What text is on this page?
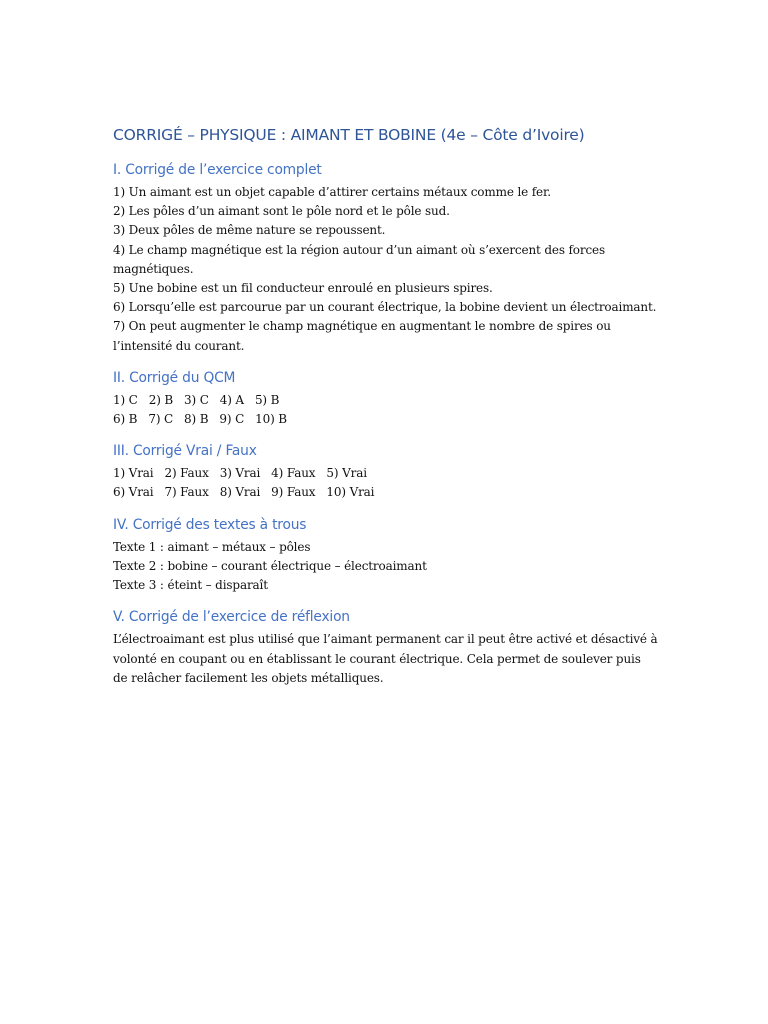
CORRIGÉ – PHYSIQUE : AIMANT ET BOBINE (4e – Côte d’Ivoire)
I. Corrigé de l’exercice complet
1) Un aimant est un objet capable d’attirer certains métaux comme le fer.
2) Les pôles d’un aimant sont le pôle nord et le pôle sud.
3) Deux pôles de même nature se repoussent.
4) Le champ magnétique est la région autour d’un aimant où s’exercent des forces
magnétiques.
5) Une bobine est un fil conducteur enroulé en plusieurs spires.
6) Lorsqu’elle est parcourue par un courant électrique, la bobine devient un électroaimant.
7) On peut augmenter le champ magnétique en augmentant le nombre de spires ou
l’intensité du courant.
II. Corrigé du QCM
1) C   2) B   3) C   4) A   5) B
6) B   7) C   8) B   9) C   10) B
III. Corrigé Vrai / Faux
1) Vrai   2) Faux   3) Vrai   4) Faux   5) Vrai
6) Vrai   7) Faux   8) Vrai   9) Faux   10) Vrai
IV. Corrigé des textes à trous
Texte 1 : aimant – métaux – pôles
Texte 2 : bobine – courant électrique – électroaimant
Texte 3 : éteint – disparaît
V. Corrigé de l’exercice de réflexion
L’électroaimant est plus utilisé que l’aimant permanent car il peut être activé et désactivé à volonté en coupant ou en établissant le courant électrique. Cela permet de soulever puis de relâcher facilement les objets métalliques.
